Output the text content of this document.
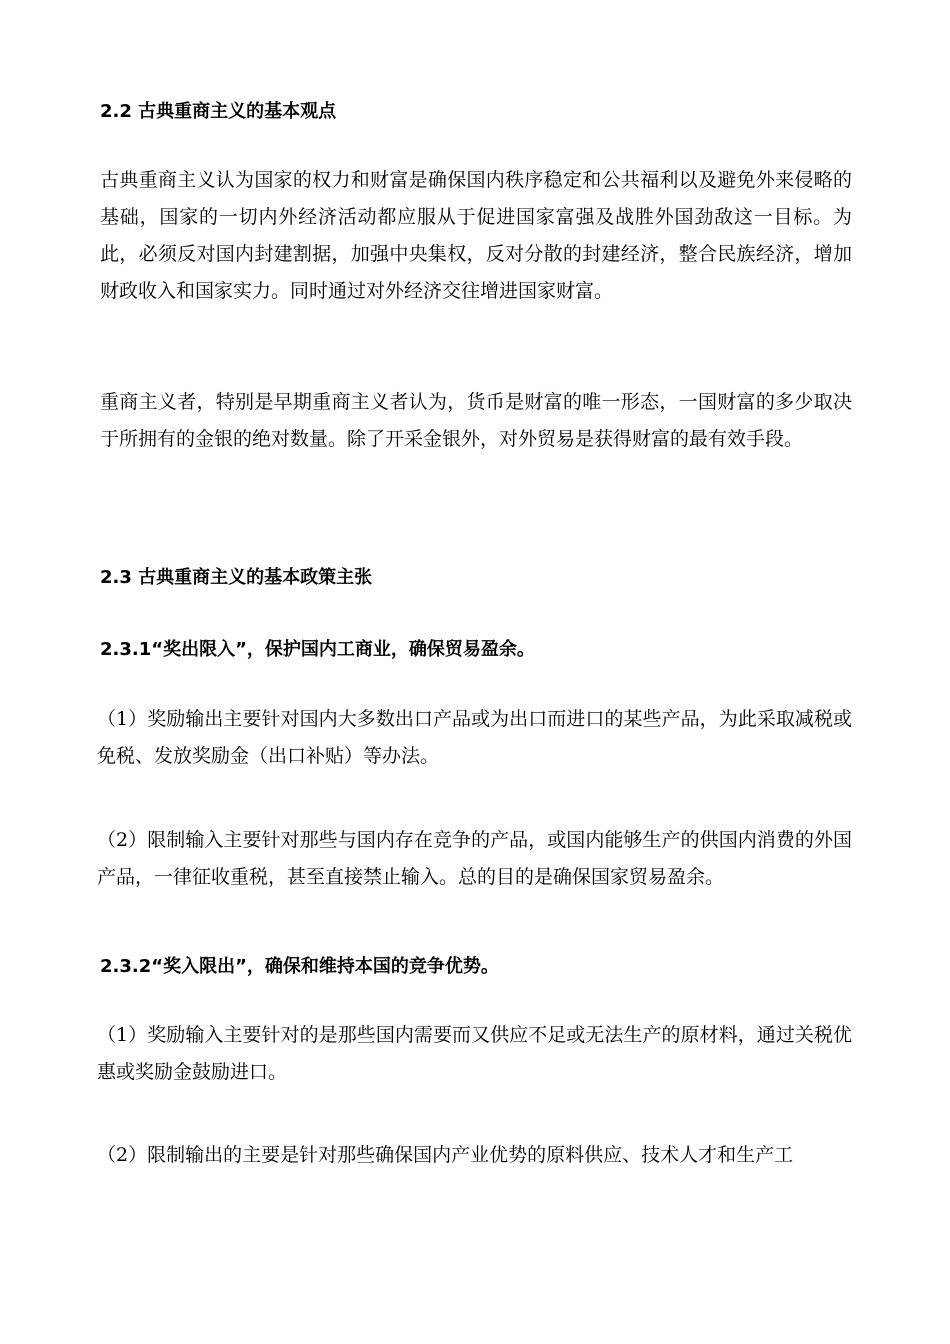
2.2 古典重商主义的基本观点

古典重商主义认为国家的权力和财富是确保国内秩序稳定和公共福利以及避免外来侵略的基础，国家的一切内外经济活动都应服从于促进国家富强及战胜外国劲敌这一目标。为此，必须反对国内封建割据，加强中央集权，反对分散的封建经济，整合民族经济，增加财政收入和国家实力。同时通过对外经济交往增进国家财富。

重商主义者，特别是早期重商主义者认为，货币是财富的唯一形态，一国财富的多少取决于所拥有的金银的绝对数量。除了开采金银外，对外贸易是获得财富的最有效手段。

2.3 古典重商主义的基本政策主张
2.3.1“奖出限入”，保护国内工商业，确保贸易盈余。

（1）奖励输出主要针对国内大多数出口产品或为出口而进口的某些产品，为此采取减税或免税、发放奖励金（出口补贴）等办法。

（2）限制输入主要针对那些与国内存在竞争的产品，或国内能够生产的供国内消费的外国产品，一律征收重税，甚至直接禁止输入。总的目的是确保国家贸易盈余。

2.3.2“奖入限出”，确保和维持本国的竞争优势。

（1）奖励输入主要针对的是那些国内需要而又供应不足或无法生产的原材料，通过关税优惠或奖励金鼓励进口。

（2）限制输出的主要是针对那些确保国内产业优势的原料供应、技术人才和生产工
